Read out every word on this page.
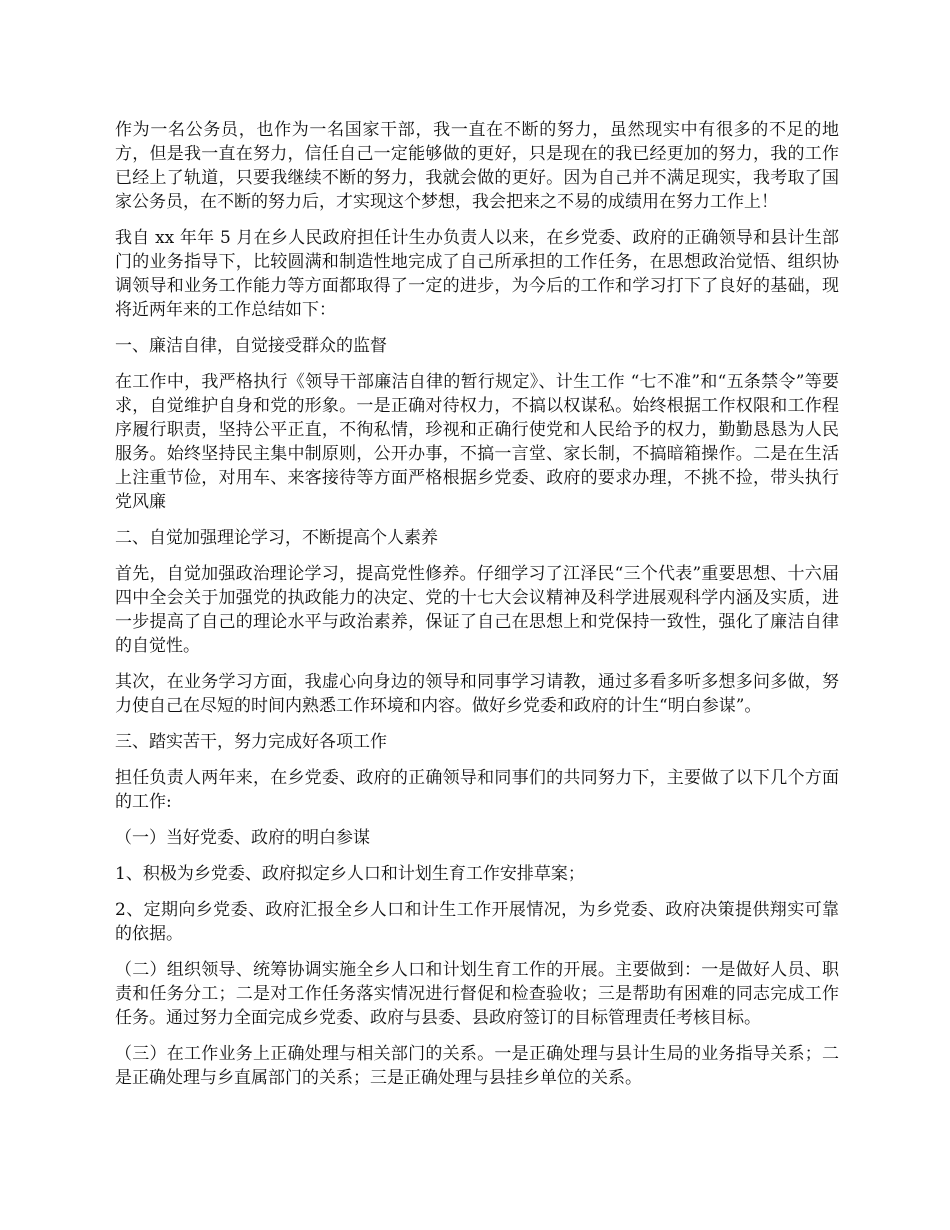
作为一名公务员，也作为一名国家干部，我一直在不断的努力，虽然现实中有很多的不足的地方，但是我一直在努力，信任自己一定能够做的更好，只是现在的我已经更加的努力，我的工作已经上了轨道，只要我继续不断的努力，我就会做的更好。因为自己并不满足现实，我考取了国家公务员，在不断的努力后，才实现这个梦想，我会把来之不易的成绩用在努力工作上！

我自 xx 年年 5 月在乡人民政府担任计生办负责人以来，在乡党委、政府的正确领导和县计生部门的业务指导下，比较圆满和制造性地完成了自己所承担的工作任务，在思想政治觉悟、组织协调领导和业务工作能力等方面都取得了一定的进步，为今后的工作和学习打下了良好的基础，现将近两年来的工作总结如下：

一、廉洁自律，自觉接受群众的监督

在工作中，我严格执行《领导干部廉洁自律的暂行规定》、计生工作 “七不准”和“五条禁令”等要求，自觉维护自身和党的形象。一是正确对待权力，不搞以权谋私。始终根据工作权限和工作程序履行职责，坚持公平正直，不徇私情，珍视和正确行使党和人民给予的权力，勤勤恳恳为人民服务。始终坚持民主集中制原则，公开办事，不搞一言堂、家长制，不搞暗箱操作。二是在生活上注重节俭，对用车、来客接待等方面严格根据乡党委、政府的要求办理，不挑不捡，带头执行党风廉

二、自觉加强理论学习，不断提高个人素养

首先，自觉加强政治理论学习，提高党性修养。仔细学习了江泽民“三个代表”重要思想、十六届四中全会关于加强党的执政能力的决定、党的十七大会议精神及科学进展观科学内涵及实质，进一步提高了自己的理论水平与政治素养，保证了自己在思想上和党保持一致性，强化了廉洁自律的自觉性。

其次，在业务学习方面，我虚心向身边的领导和同事学习请教，通过多看多听多想多问多做，努力使自己在尽短的时间内熟悉工作环境和内容。做好乡党委和政府的计生“明白参谋”。

三、踏实苦干，努力完成好各项工作

担任负责人两年来，在乡党委、政府的正确领导和同事们的共同努力下，主要做了以下几个方面的工作:

（一）当好党委、政府的明白参谋

1、积极为乡党委、政府拟定乡人口和计划生育工作安排草案；

2、定期向乡党委、政府汇报全乡人口和计生工作开展情况，为乡党委、政府决策提供翔实可靠的依据。

（二）组织领导、统筹协调实施全乡人口和计划生育工作的开展。主要做到：一是做好人员、职责和任务分工；二是对工作任务落实情况进行督促和检查验收；三是帮助有困难的同志完成工作任务。通过努力全面完成乡党委、政府与县委、县政府签订的目标管理责任考核目标。

（三）在工作业务上正确处理与相关部门的关系。一是正确处理与县计生局的业务指导关系；二是正确处理与乡直属部门的关系；三是正确处理与县挂乡单位的关系。
